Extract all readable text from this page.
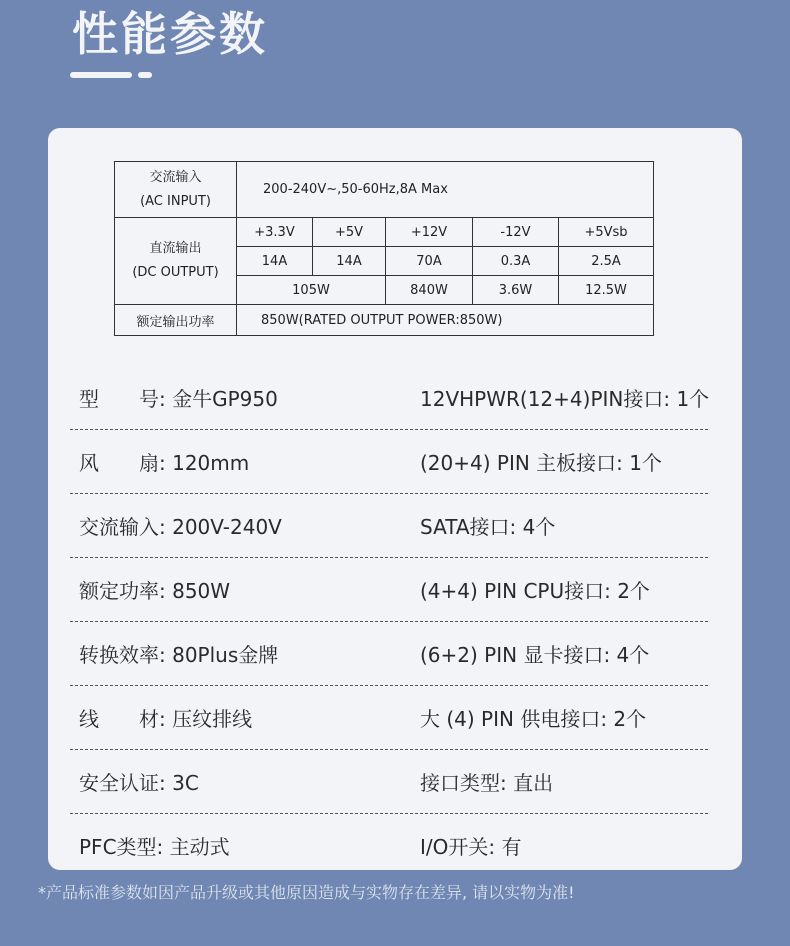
性能参数
交流输入
(AC INPUT)	200-240V~,50-60Hz,8A Max				

直流输出
(DC OUTPUT)	+3.3V	+5V	+12V	-12V	+5Vsb
	14A	14A	70A	0.3A	2.5A
	105W		840W	3.6W	12.5W
额定输出功率	850W(RATED OUTPUT POWER:850W)				
型　　号: 金牛GP950	12VHPWR(12+4)PIN接口: 1个
风　　扇: 120mm	(20+4) PIN 主板接口: 1个
交流输入: 200V-240V	SATA接口: 4个
额定功率: 850W	(4+4) PIN CPU接口: 2个
转换效率: 80Plus金牌	(6+2) PIN 显卡接口: 4个
线　　材: 压纹排线	大 (4) PIN 供电接口: 2个
安全认证: 3C	接口类型: 直出
PFC类型: 主动式	I/O开关: 有
*产品标准参数如因产品升级或其他原因造成与实物存在差异, 请以实物为准!
